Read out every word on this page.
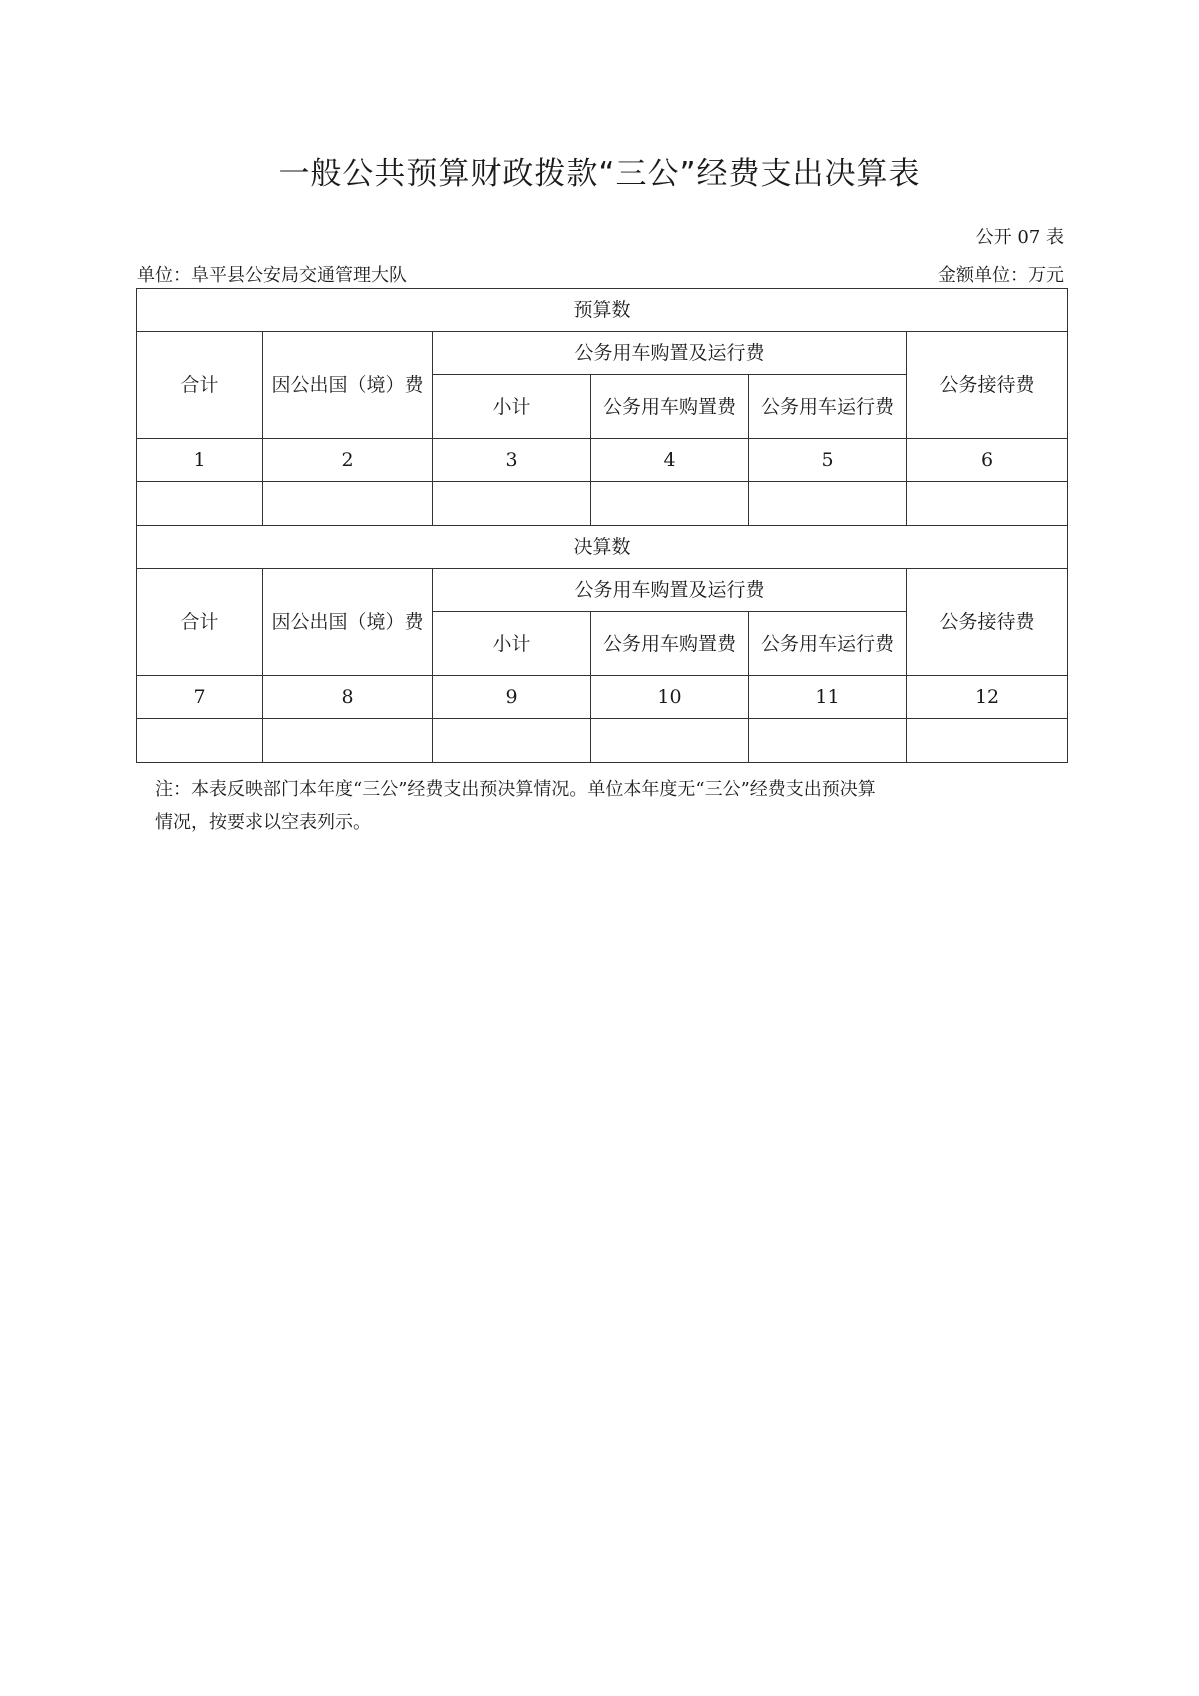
一般公共预算财政拨款“三公”经费支出决算表
公开 07 表
单位：阜平县公安局交通管理大队	金额单位：万元
预算数					
合计	因公出国（境）费	公务用车购置及运行费			公务接待费
		小计	公务用车购置费	公务用车运行费	
1	2	3	4	5	6

决算数					
合计	因公出国（境）费	公务用车购置及运行费			公务接待费
		小计	公务用车购置费	公务用车运行费	
7	8	9	10	11	12

注：本表反映部门本年度“三公”经费支出预决算情况。单位本年度无“三公”经费支出预决算
情况，按要求以空表列示。
